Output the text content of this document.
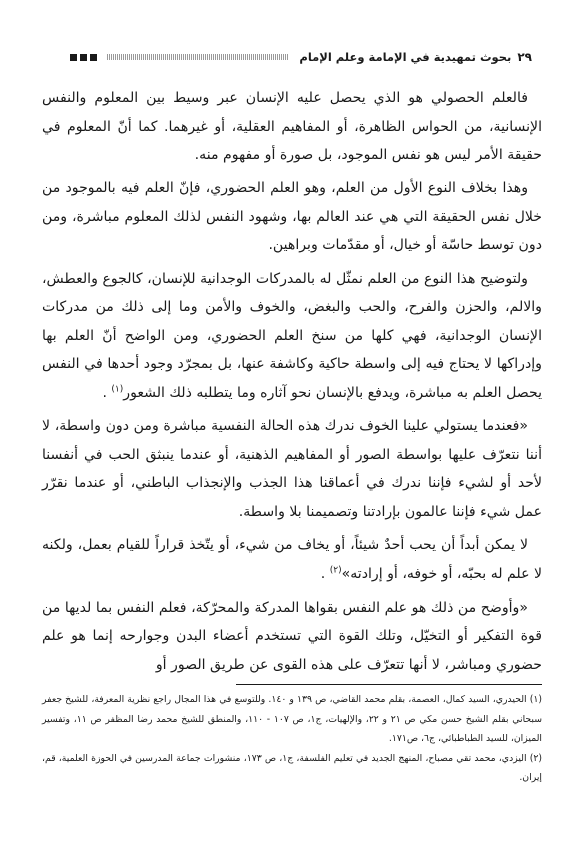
٢٩
بحوث تمهيدية في الإمامة وعلم الإمام

فالعلم الحصولي هو الذي يحصل عليه الإنسان عبر وسيط بين المعلوم والنفس الإنسانية، من الحواس الظاهرة، أو المفاهيم العقلية، أو غيرهما. كما أنّ المعلوم في حقيقة الأمر ليس هو نفس الموجود، بل صورة أو مفهوم منه.

وهذا بخلاف النوع الأول من العلم، وهو العلم الحضوري، فإنّ العلم فيه بالموجود من خلال نفس الحقيقة التي هي عند العالم بها، وشهود النفس لذلك المعلوم مباشرة، ومن دون توسط حاسّة أو خيال، أو مقدّمات وبراهين.

ولتوضيح هذا النوع من العلم نمثّل له بالمدركات الوجدانية للإنسان، كالجوع والعطش، والالم، والحزن والفرح، والحب والبغض، والخوف والأمن وما إلى ذلك من مدركات الإنسان الوجدانية، فهي كلها من سنخ العلم الحضوري، ومن الواضح أنّ العلم بها وإدراكها لا يحتاج فيه إلى واسطة حاكية وكاشفة عنها، بل بمجرّد وجود أحدها في النفس يحصل العلم به مباشرة، ويدفع بالإنسان نحو آثاره وما يتطلبه ذلك الشعور$^{(١)}$ .

«فعندما يستولي علينا الخوف ندرك هذه الحالة النفسية مباشرة ومن دون واسطة، لا أننا نتعرّف عليها بواسطة الصور أو المفاهيم الذهنية، أو عندما ينبثق الحب في أنفسنا لأحد أو لشيء فإننا ندرك في أعماقنا هذا الجذب والإنجذاب الباطني، أو عندما نقرّر عمل شيء فإننا عالمون بإرادتنا وتصميمنا بلا واسطة.

لا يمكن أبداً أن يحب أحدٌ شيئاً، أو يخاف من شيء، أو يتّخذ قراراً للقيام بعمل، ولكنه لا علم له بحبّه، أو خوفه، أو إرادته»$^{(٢)}$ .

«وأوضح من ذلك هو علم النفس بقواها المدركة والمحرّكة، فعلم النفس بما لديها من قوة التفكير أو التخيّل، وتلك القوة التي تستخدم أعضاء البدن وجوارحه إنما هو علم حضوري ومباشر، لا أنها تتعرّف على هذه القوى عن طريق الصور أو

(١) الحيدري، السيد كمال، العصمة، بقلم محمد القاضي، ص ١٣٩ و ١٤٠. وللتوسع في هذا المجال راجع نظرية المعرفة، للشيخ جعفر سبحاني بقلم الشيخ حسن مكي ص ٢١ و ٢٢، والإلهيات، ج١، ص ١٠٧ - ١١٠، والمنطق للشيخ محمد رضا المظفر ص ١١، وتفسير الميزان، للسيد الطباطبائي، ج٦، ص١٧١.

(٢) اليزدي، محمد تقي مصباح، المنهج الجديد في تعليم الفلسفة، ج١، ص ١٧٣، منشورات جماعة المدرسين في الحوزة العلمية، قم، إيران.
